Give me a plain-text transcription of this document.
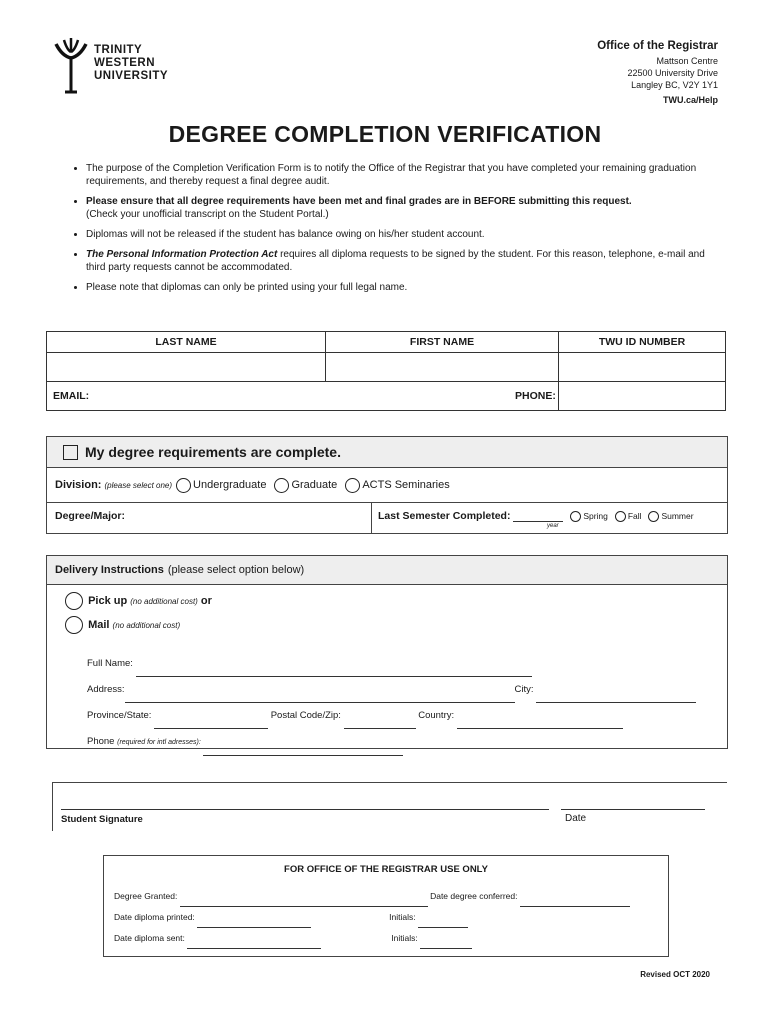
TRINITY
WESTERN
UNIVERSITY
Office of the Registrar
Mattson Centre
22500 University Drive
Langley BC, V2Y 1Y1
TWU.ca/Help
DEGREE COMPLETION VERIFICATION
• The purpose of the Completion Verification Form is to notify the Office of the Registrar that you have completed your remaining graduation requirements, and thereby request a final degree audit.
• Please ensure that all degree requirements have been met and final grades are in BEFORE submitting this request.
(Check your unofficial transcript on the Student Portal.)
• Diplomas will not be released if the student has balance owing on his/her student account.
• The Personal Information Protection Act requires all diploma requests to be signed by the student. For this reason, telephone, e-mail and third party requests cannot be accommodated.
• Please note that diplomas can only be printed using your full legal name.
LAST NAME	FIRST NAME	TWU ID NUMBER

EMAIL:		PHONE:
My degree requirements are complete.
Division: (please select one) Undergraduate Graduate ACTS Seminaries
Degree/Major:	Last Semester Completed:
year
Spring Fall Summer
Delivery Instructions (please select option below)
Pick up (no additional cost) or
Mail (no additional cost)
Full Name:
Address:	City:
Province/State:	Postal Code/Zip:	Country:
Phone (required for intl adresses):
Student Signature	Date
FOR OFFICE OF THE REGISTRAR USE ONLY
Degree Granted:	Date degree conferred:
Date diploma printed:	Initials:
Date diploma sent:	Initials:
Revised OCT 2020
